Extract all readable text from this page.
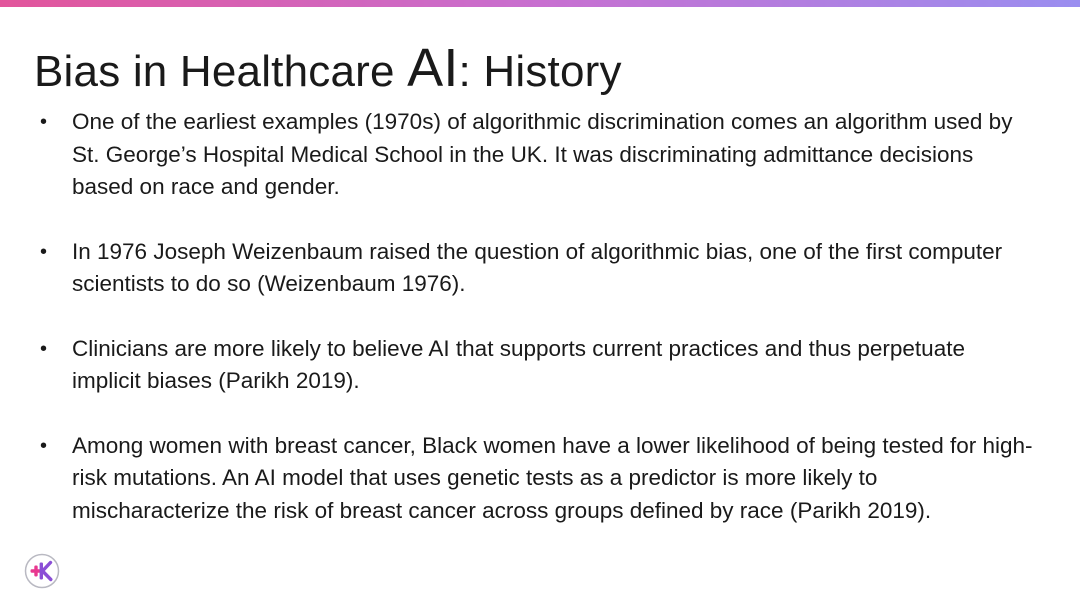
Bias in Healthcare AI: History
• One of the earliest examples (1970s) of algorithmic discrimination comes an algorithm used by St. George’s Hospital Medical School in the UK. It was discriminating admittance decisions based on race and gender.
• In 1976 Joseph Weizenbaum raised the question of algorithmic bias, one of the first computer scientists to do so (Weizenbaum 1976).
• Clinicians are more likely to believe AI that supports current practices and thus perpetuate implicit biases (Parikh 2019).
• Among women with breast cancer, Black women have a lower likelihood of being tested for high-risk mutations. An AI model that uses genetic tests as a predictor is more likely to mischaracterize the risk of breast cancer across groups defined by race (Parikh 2019).
